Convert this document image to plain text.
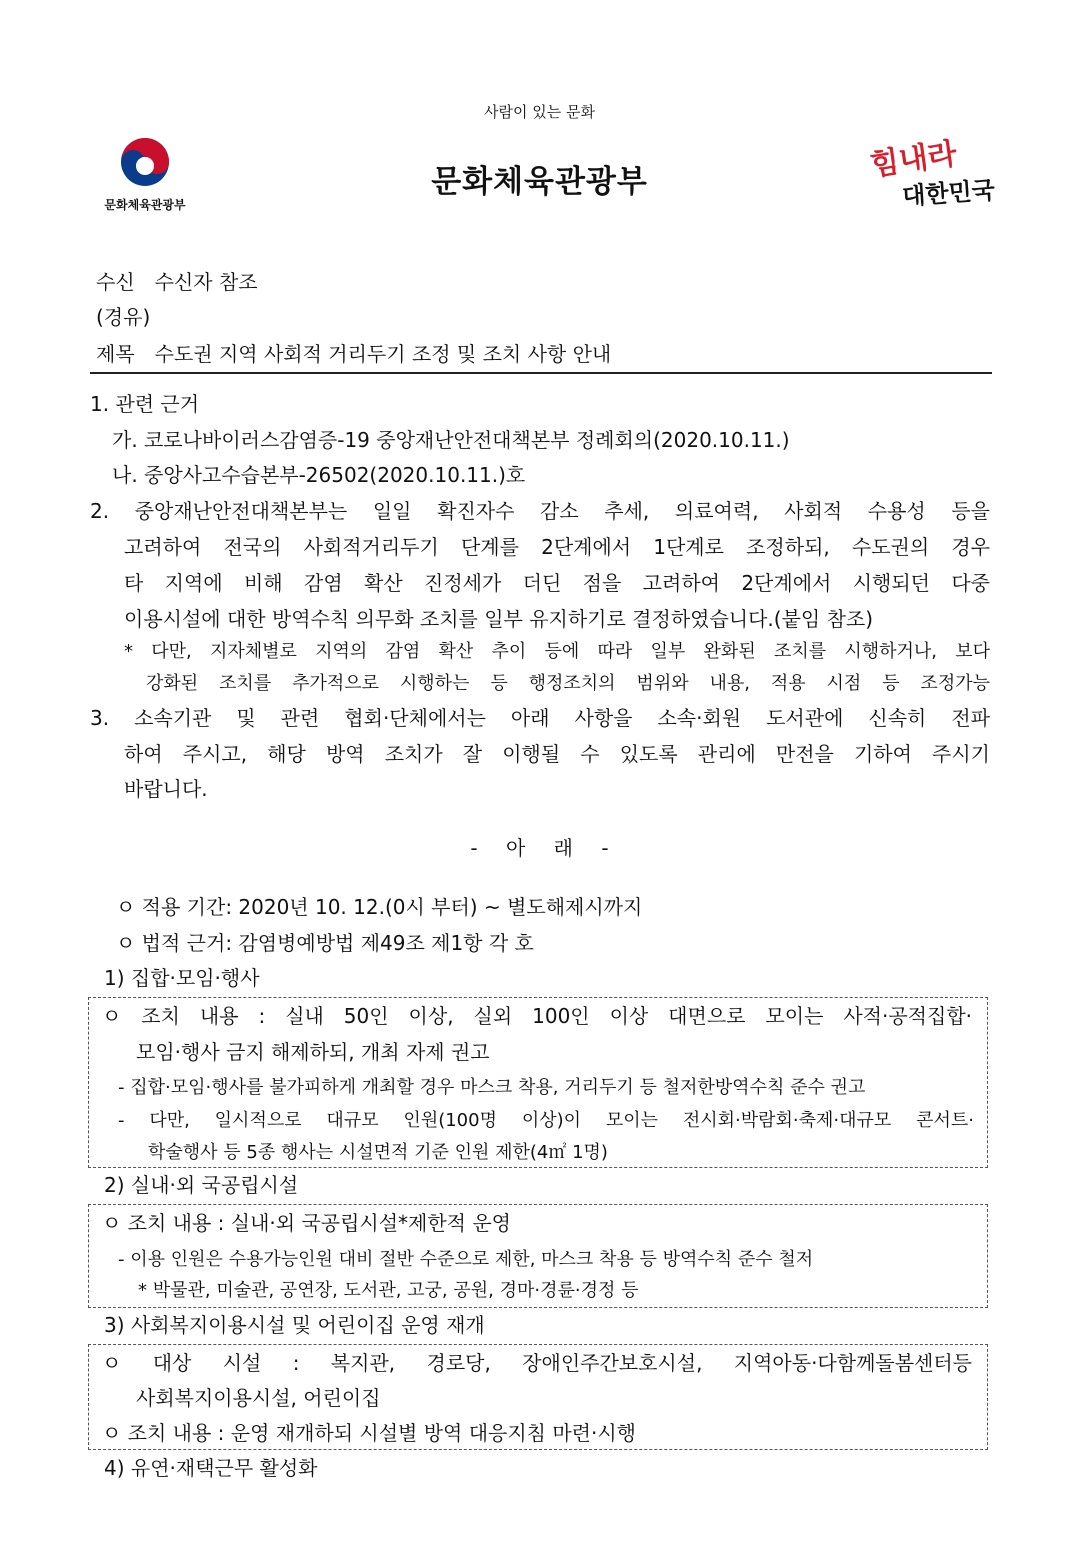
사람이 있는 문화
문화체육관광부
문화체육관광부	힘내라
대한민국
수신 수신자 참조
(경유)
제목 수도권 지역 사회적 거리두기 조정 및 조치 사항 안내
1. 관련 근거
가. 코로나바이러스감염증-19 중앙재난안전대책본부 정례회의(2020.10.11.)
나. 중앙사고수습본부-26502(2020.10.11.)호
2. 중앙재난안전대책본부는 일일 확진자수 감소 추세, 의료여력, 사회적 수용성 등을
고려하여 전국의 사회적거리두기 단계를 2단계에서 1단계로 조정하되, 수도권의 경우
타 지역에 비해 감염 확산 진정세가 더딘 점을 고려하여 2단계에서 시행되던 다중
이용시설에 대한 방역수칙 의무화 조치를 일부 유지하기로 결정하였습니다.(붙임 참조)
* 다만, 지자체별로 지역의 감염 확산 추이 등에 따라 일부 완화된 조치를 시행하거나, 보다
강화된 조치를 추가적으로 시행하는 등 행정조치의 범위와 내용, 적용 시점 등 조정가능
3. 소속기관 및 관련 협회·단체에서는 아래 사항을 소속·회원 도서관에 신속히 전파
하여 주시고, 해당 방역 조치가 잘 이행될 수 있도록 관리에 만전을 기하여 주시기
바랍니다.
- 아 래 -
ㅇ 적용 기간: 2020년 10. 12.(0시 부터) ~ 별도해제시까지
ㅇ 법적 근거: 감염병예방법 제49조 제1항 각 호
1) 집합·모임·행사
ㅇ 조치 내용 : 실내 50인 이상, 실외 100인 이상 대면으로 모이는 사적·공적집합·
모임·행사 금지 해제하되, 개최 자제 권고
- 집합·모임·행사를 불가피하게 개최할 경우 마스크 착용, 거리두기 등 철저한방역수칙 준수 권고
- 다만, 일시적으로 대규모 인원(100명 이상)이 모이는 전시회·박람회·축제·대규모 콘서트·
학술행사 등 5종 행사는 시설면적 기준 인원 제한(4㎡ 1명)
2) 실내·외 국공립시설
ㅇ 조치 내용 : 실내·외 국공립시설*제한적 운영
- 이용 인원은 수용가능인원 대비 절반 수준으로 제한, 마스크 착용 등 방역수칙 준수 철저
* 박물관, 미술관, 공연장, 도서관, 고궁, 공원, 경마·경륜·경정 등
3) 사회복지이용시설 및 어린이집 운영 재개
ㅇ 대상 시설 : 복지관, 경로당, 장애인주간보호시설, 지역아동·다함께돌봄센터등
사회복지이용시설, 어린이집
ㅇ 조치 내용 : 운영 재개하되 시설별 방역 대응지침 마련·시행
4) 유연·재택근무 활성화
